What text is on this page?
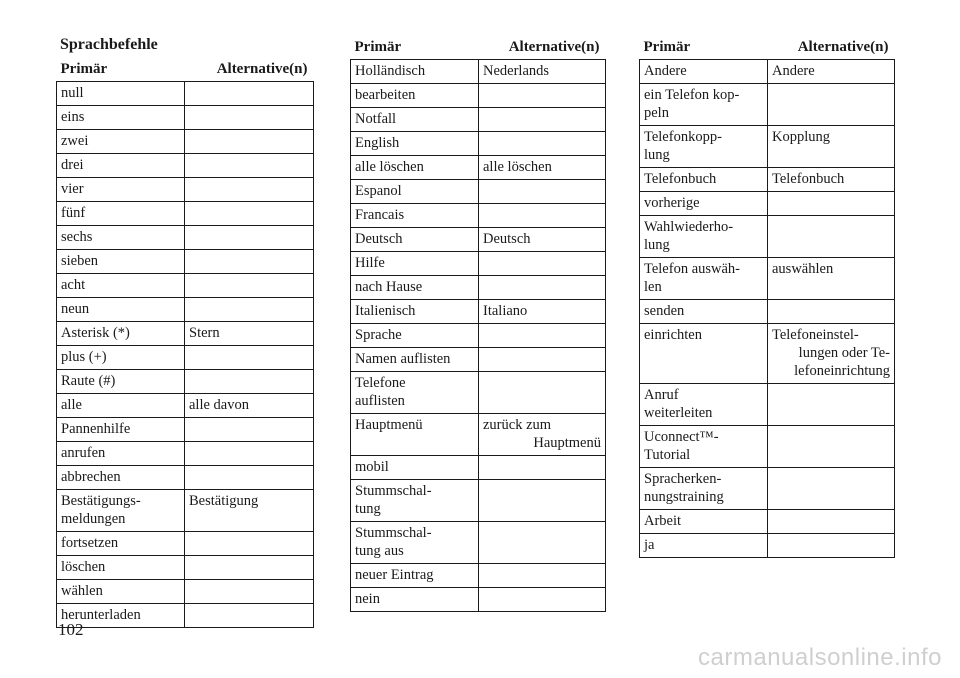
Sprachbefehle
Primär	Alternative(n)

null	

eins	

zwei	

drei	

vier	

fünf	

sechs	

sieben	

acht	

neun	

Asterisk (*)	Stern

plus (+)	

Raute (#)	

alle	alle davon

Pannenhilfe	

anrufen	

abbrechen	

Bestätigungs-
meldungen	Bestätigung

fortsetzen	

löschen	

wählen	

herunterladen	

Primär	Alternative(n)

Holländisch	Nederlands

bearbeiten	

Notfall	

English	

alle löschen	alle löschen

Espanol	

Francais	

Deutsch	Deutsch

Hilfe	

nach Hause	

Italienisch	Italiano

Sprache	

Namen auflisten	

Telefone
auflisten	

Hauptmenü	zurück zum
Hauptmenü

mobil	

Stummschal-
tung	

Stummschal-
tung aus	

neuer Eintrag	

nein	

Primär	Alternative(n)

Andere	Andere

ein Telefon kop-
peln	

Telefonkopp-
lung	Kopplung

Telefonbuch	Telefonbuch

vorherige	

Wahlwiederho-
lung	

Telefon auswäh-
len	auswählen

senden	

einrichten	Telefoneinstel-
lungen oder Te-
lefoneinrichtung

Anruf
weiterleiten	

Uconnect™-
Tutorial	

Spracherken-
nungstraining	

Arbeit	

ja	

102
carmanualsonline.info
